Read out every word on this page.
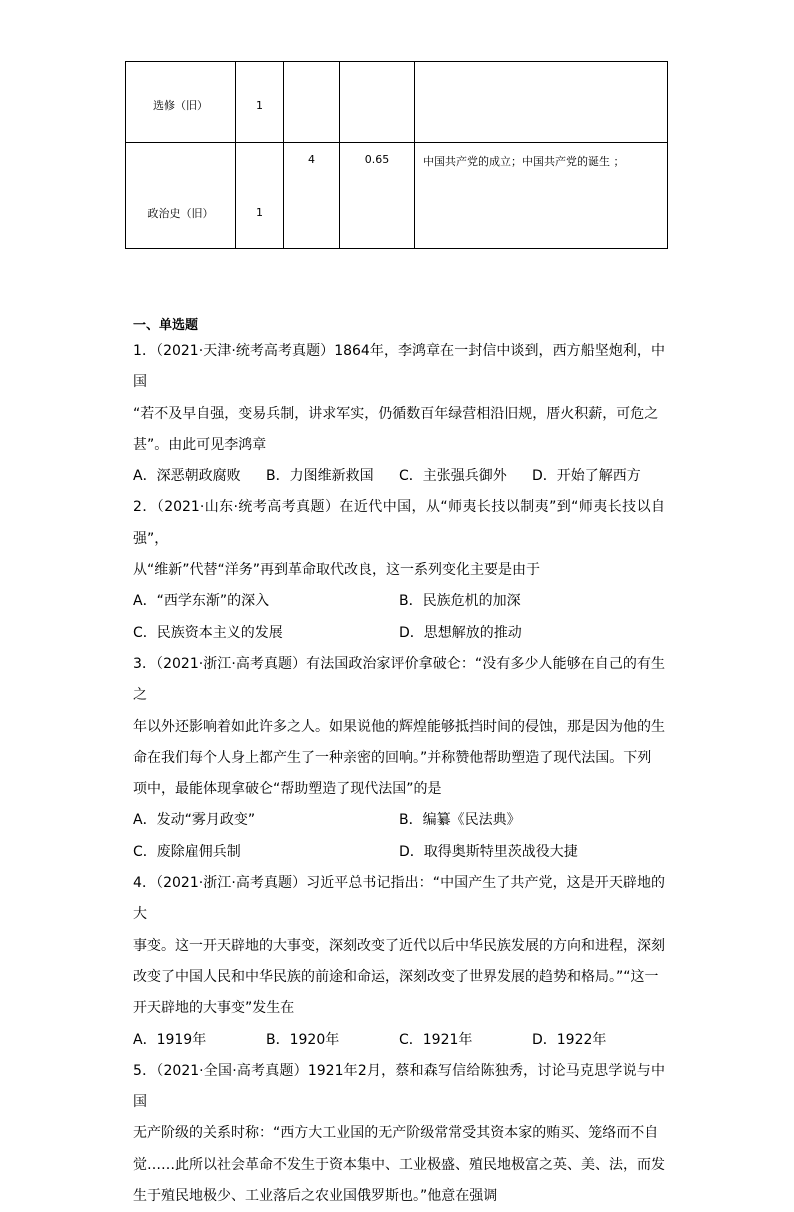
选修（旧）	1			
政治史（旧）	1	4	0.65	中国共产党的成立；中国共产党的诞生 ；
一、单选题
1．（2021·天津·统考高考真题）1864年，李鸿章在一封信中谈到，西方船坚炮利，中国
“若不及早自强，变易兵制，讲求军实，仍循数百年绿营相沿旧规，厝火积薪，可危之
甚”。由此可见李鸿章
A．深恶朝政腐败	B．力图维新救国	C．主张强兵御外	D．开始了解西方
2．（2021·山东·统考高考真题）在近代中国，从“师夷长技以制夷”到“师夷长技以自强”，
从“维新”代替“洋务”再到革命取代改良，这一系列变化主要是由于
A．“西学东渐”的深入	B．民族危机的加深
C．民族资本主义的发展	D．思想解放的推动
3．（2021·浙江·高考真题）有法国政治家评价拿破仑：“没有多少人能够在自己的有生之
年以外还影响着如此许多之人。如果说他的辉煌能够抵挡时间的侵蚀，那是因为他的生
命在我们每个人身上都产生了一种亲密的回响。”并称赞他帮助塑造了现代法国。下列
项中，最能体现拿破仑“帮助塑造了现代法国”的是
A．发动“雾月政变”	B．编纂《民法典》
C．废除雇佣兵制	D．取得奥斯特里茨战役大捷
4．（2021·浙江·高考真题）习近平总书记指出：“中国产生了共产党，这是开天辟地的大
事变。这一开天辟地的大事变，深刻改变了近代以后中华民族发展的方向和进程，深刻
改变了中国人民和中华民族的前途和命运，深刻改变了世界发展的趋势和格局。”“这一
开天辟地的大事变”发生在
A．1919年	B．1920年	C．1921年	D．1922年
5．（2021·全国·高考真题）1921年2月，蔡和森写信给陈独秀，讨论马克思学说与中国
无产阶级的关系时称：“西方大工业国的无产阶级常常受其资本家的贿买、笼络而不自
觉……此所以社会革命不发生于资本集中、工业极盛、殖民地极富之英、美、法，而发
生于殖民地极少、工业落后之农业国俄罗斯也。”他意在强调
